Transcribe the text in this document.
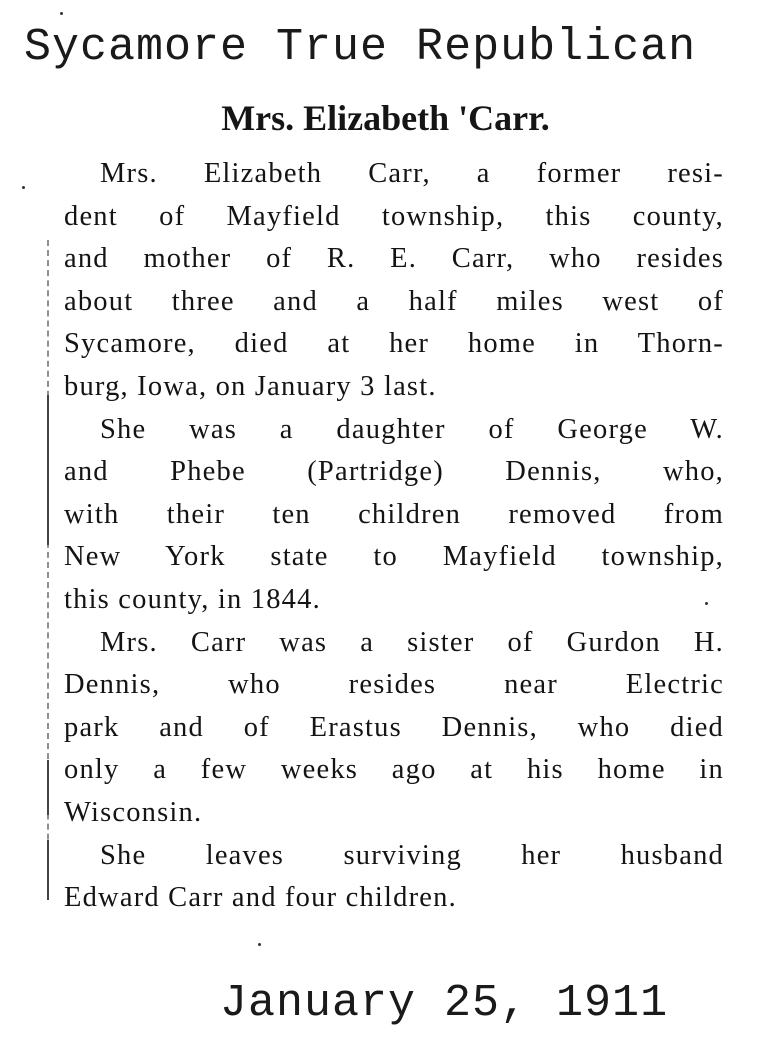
Sycamore True Republican
Mrs. Elizabeth 'Carr.

Mrs. Elizabeth Carr, a former resi-
dent of Mayfield township, this county,
and mother of R. E. Carr, who resides
about three and a half miles west of
Sycamore, died at her home in Thorn-
burg, Iowa, on January 3 last.

She was a daughter of George W.
and Phebe (Partridge) Dennis, who,
with their ten children removed from
New York state to Mayfield township,
this county, in 1844.

Mrs. Carr was a sister of Gurdon H.
Dennis, who resides near Electric
park and of Erastus Dennis, who died
only a few weeks ago at his home in
Wisconsin.

She leaves surviving her husband
Edward Carr and four children.

January 25, 1911
